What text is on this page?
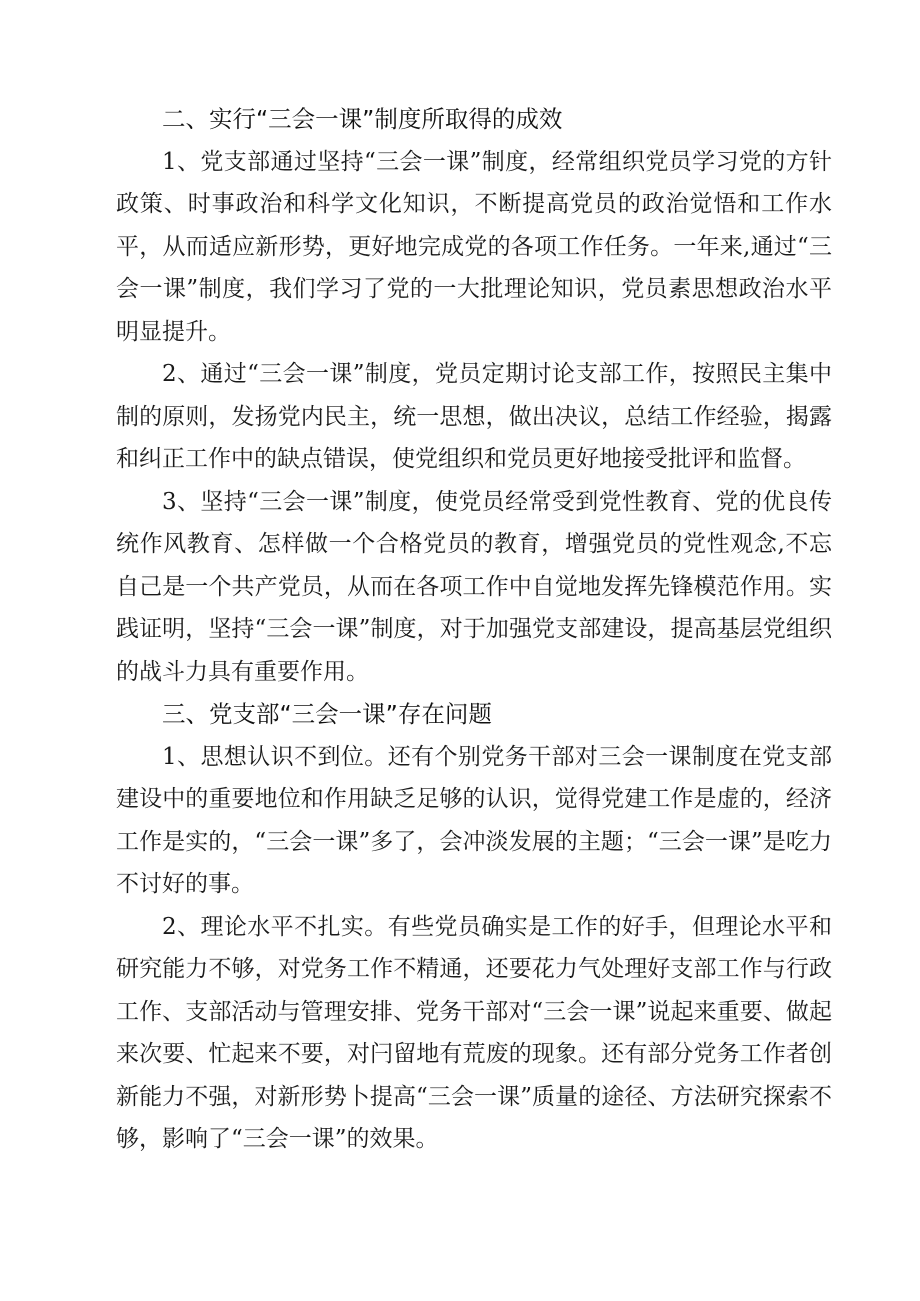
二、实行“三会一课”制度所取得的成效

1、党支部通过坚持“三会一课”制度，经常组织党员学习党的方针政策、时事政治和科学文化知识，不断提高党员的政治觉悟和工作水平，从而适应新形势，更好地完成党的各项工作任务。一年来,通过“三会一课”制度，我们学习了党的一大批理论知识，党员素思想政治水平明显提升。

2、通过“三会一课”制度，党员定期讨论支部工作，按照民主集中制的原则，发扬党内民主，统一思想，做出决议，总结工作经验，揭露和纠正工作中的缺点错误，使党组织和党员更好地接受批评和监督。

3、坚持“三会一课”制度，使党员经常受到党性教育、党的优良传统作风教育、怎样做一个合格党员的教育，增强党员的党性观念,不忘自己是一个共产党员，从而在各项工作中自觉地发挥先锋模范作用。实践证明，坚持“三会一课”制度，对于加强党支部建设，提高基层党组织的战斗力具有重要作用。

三、党支部“三会一课”存在问题

1、思想认识不到位。还有个别党务干部对三会一课制度在党支部建设中的重要地位和作用缺乏足够的认识，觉得党建工作是虚的，经济工作是实的，“三会一课”多了，会冲淡发展的主题；“三会一课”是吃力不讨好的事。

2、理论水平不扎实。有些党员确实是工作的好手，但理论水平和研究能力不够，对党务工作不精通，还要花力气处理好支部工作与行政工作、支部活动与管理安排、党务干部对“三会一课”说起来重要、做起来次要、忙起来不要，对闩留地有荒废的现象。还有部分党务工作者创新能力不强，对新形势卜提高“三会一课”质量的途径、方法研究探索不够，影响了“三会一课”的效果。
